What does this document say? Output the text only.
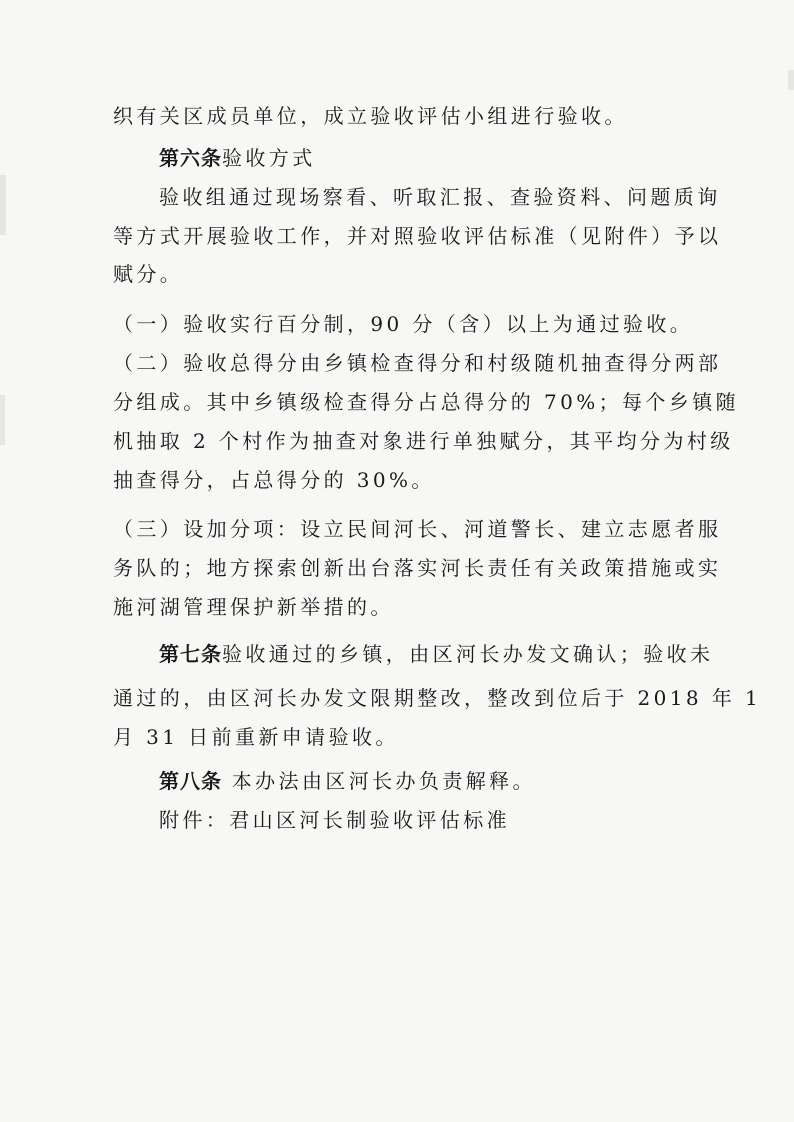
织有关区成员单位，成立验收评估小组进行验收。
第六条验收方式
验收组通过现场察看、听取汇报、查验资料、问题质询
等方式开展验收工作，并对照验收评估标准（见附件）予以
赋分。
（一）验收实行百分制，90 分（含）以上为通过验收。
（二）验收总得分由乡镇检查得分和村级随机抽查得分两部
分组成。其中乡镇级检查得分占总得分的 70%；每个乡镇随
机抽取 2 个村作为抽查对象进行单独赋分，其平均分为村级
抽查得分，占总得分的 30%。
（三）设加分项：设立民间河长、河道警长、建立志愿者服
务队的；地方探索创新出台落实河长责任有关政策措施或实
施河湖管理保护新举措的。
第七条验收通过的乡镇，由区河长办发文确认；验收未
通过的，由区河长办发文限期整改，整改到位后于 2018 年 1
月 31 日前重新申请验收。
第八条 本办法由区河长办负责解释。
附件：君山区河长制验收评估标准
